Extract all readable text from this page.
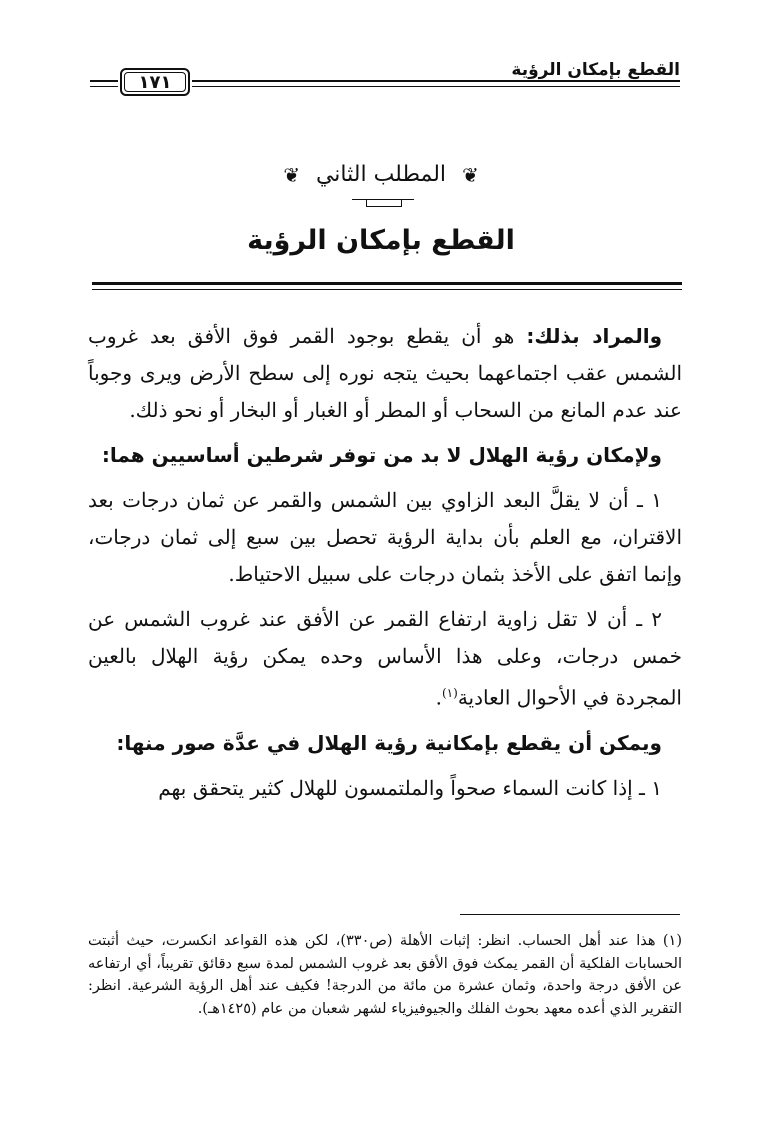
القطع بإمكان الرؤية
١٧١
❦المطلب الثاني❦
القطع بإمكان الرؤية

والمراد بذلك: هو أن يقطع بوجود القمر فوق الأفق بعد غروب الشمس عقب اجتماعهما بحيث يتجه نوره إلى سطح الأرض ويرى وجوباً عند عدم المانع من السحاب أو المطر أو الغبار أو البخار أو نحو ذلك.

ولإمكان رؤية الهلال لا بد من توفر شرطين أساسيين هما:

١ ـ أن لا يقلَّ البعد الزاوي بين الشمس والقمر عن ثمان درجات بعد الاقتران، مع العلم بأن بداية الرؤية تحصل بين سبع إلى ثمان درجات، وإنما اتفق على الأخذ بثمان درجات على سبيل الاحتياط.

٢ ـ أن لا تقل زاوية ارتفاع القمر عن الأفق عند غروب الشمس عن خمس درجات، وعلى هذا الأساس وحده يمكن رؤية الهلال بالعين المجردة في الأحوال العادية$^{(١)}$.

ويمكن أن يقطع بإمكانية رؤية الهلال في عدَّة صور منها:

١ ـ إذا كانت السماء صحواً والملتمسون للهلال كثير يتحقق بهم

(١) هذا عند أهل الحساب. انظر: إثبات الأهلة (ص٣٣٠)، لكن هذه القواعد انكسرت، حيث أثبتت الحسابات الفلكية أن القمر يمكث فوق الأفق بعد غروب الشمس لمدة سبع دقائق تقريباً، أي ارتفاعه عن الأفق درجة واحدة، وثمان عشرة من مائة من الدرجة! فكيف عند أهل الرؤية الشرعية. انظر: التقرير الذي أعده معهد بحوث الفلك والجيوفيزياء لشهر شعبان من عام (١٤٢٥هـ).
